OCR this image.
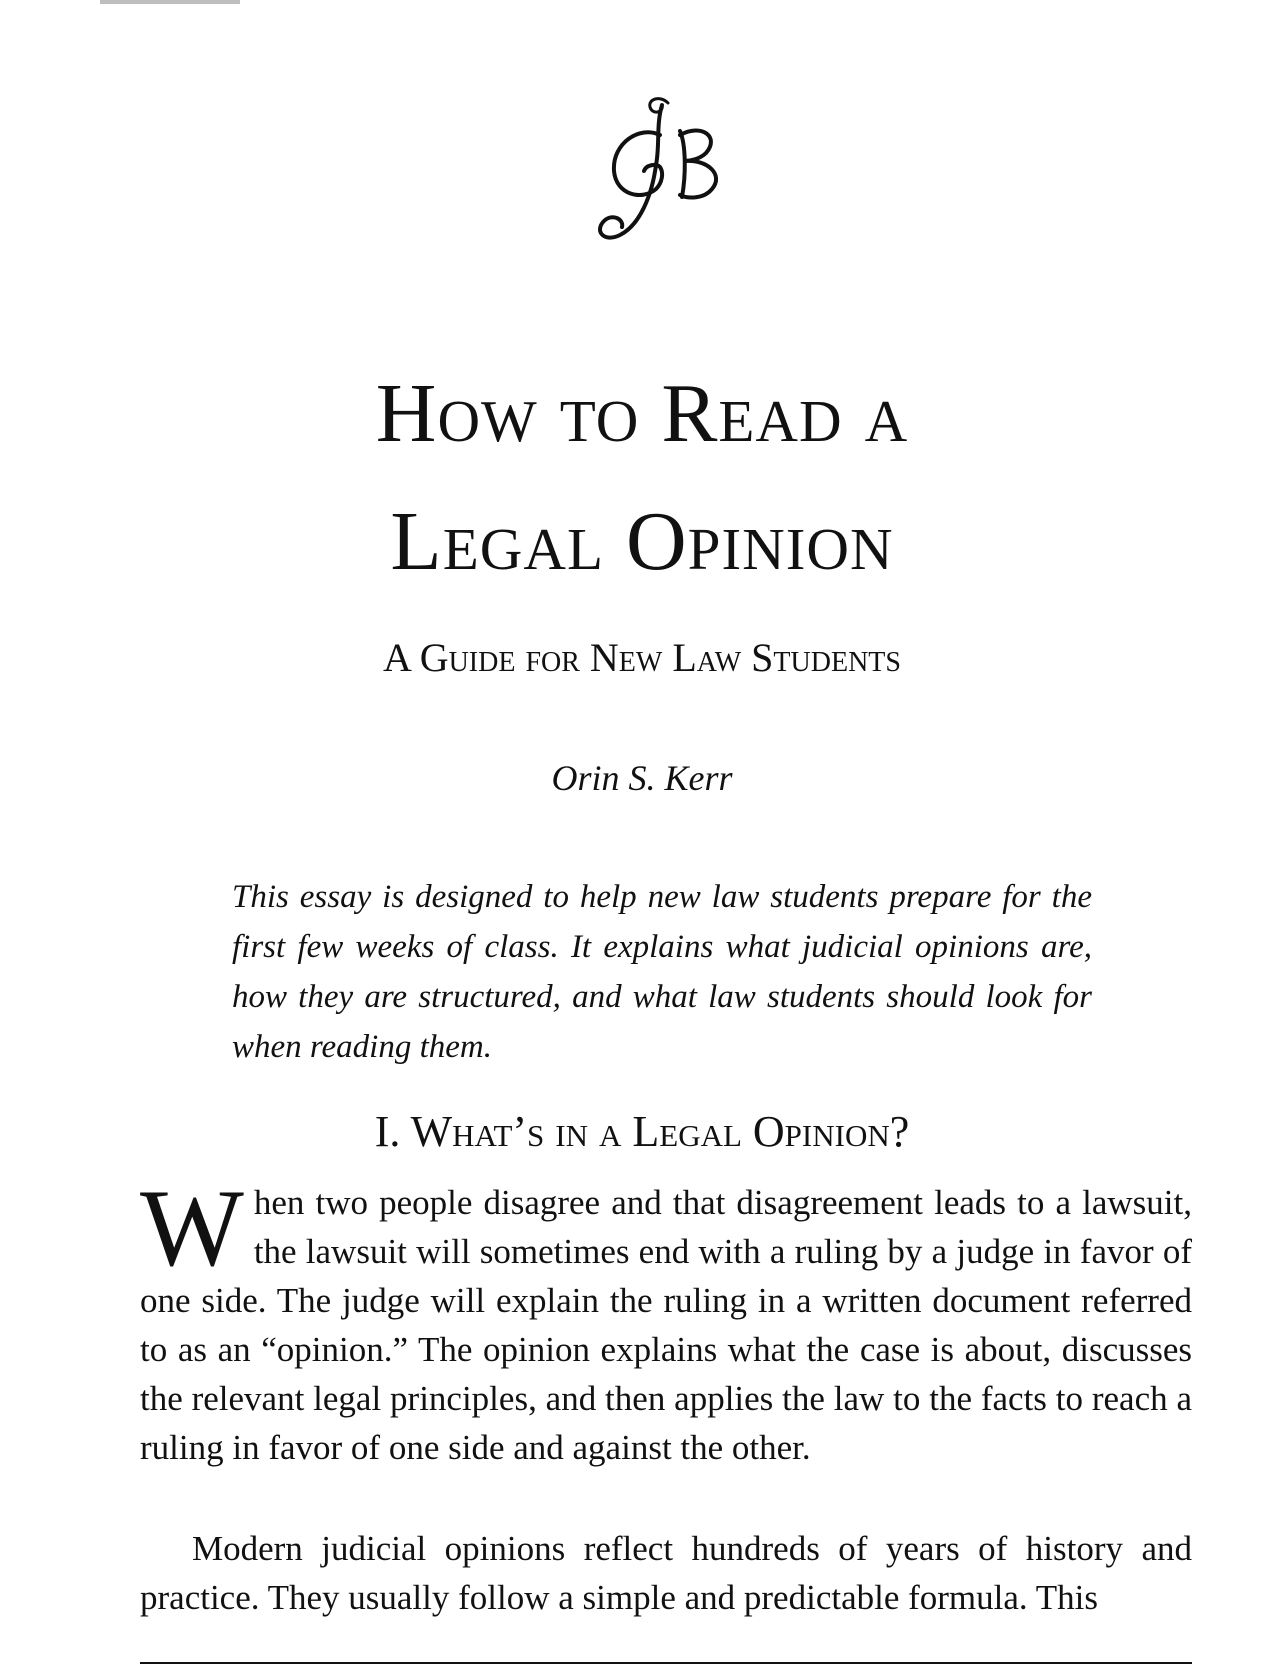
GB
How to Read a
Legal Opinion

A Guide for New Law Students

Orin S. Kerr

This essay is designed to help new law students prepare for the first few weeks of class. It explains what judicial opinions are, how they are structured, and what law students should look for when reading them.

I. What’s in a Legal Opinion?

When two people disagree and that disagreement leads to a lawsuit, the lawsuit will sometimes end with a ruling by a judge in favor of one side. The judge will explain the ruling in a written document referred to as an “opinion.” The opinion explains what the case is about, discusses the relevant legal principles, and then applies the law to the facts to reach a ruling in favor of one side and against the other.

Modern judicial opinions reflect hundreds of years of history and practice. They usually follow a simple and predictable formula. This
